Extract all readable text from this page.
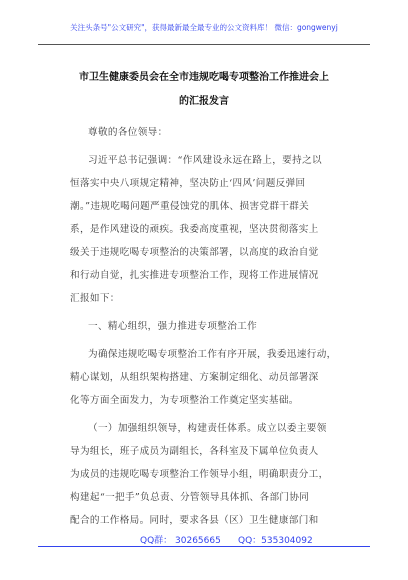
关注头条号"公文研究"，获得最新最全最专业的公文资料库！ 微信：gongwenyj
市卫生健康委员会在全市违规吃喝专项整治工作推进会上
的汇报发言
尊敬的各位领导：
习近平总书记强调：“作风建设永远在路上，要持之以
恒落实中央八项规定精神，坚决防止‘四风’问题反弹回
潮。”违规吃喝问题严重侵蚀党的肌体、损害党群干群关
系，是作风建设的顽疾。我委高度重视，坚决贯彻落实上
级关于违规吃喝专项整治的决策部署，以高度的政治自觉
和行动自觉，扎实推进专项整治工作，现将工作进展情况
汇报如下：
一、精心组织，强力推进专项整治工作
为确保违规吃喝专项整治工作有序开展，我委迅速行动，
精心谋划，从组织架构搭建、方案制定细化、动员部署深
化等方面全面发力，为专项整治工作奠定坚实基础。
（一）加强组织领导，构建责任体系。成立以委主要领
导为组长，班子成员为副组长，各科室及下属单位负责人
为成员的违规吃喝专项整治工作领导小组，明确职责分工，
构建起“一把手”负总责、分管领导具体抓、各部门协同
配合的工作格局。同时，要求各县（区）卫生健康部门和
QQ群： 30265665 QQ：535304092
